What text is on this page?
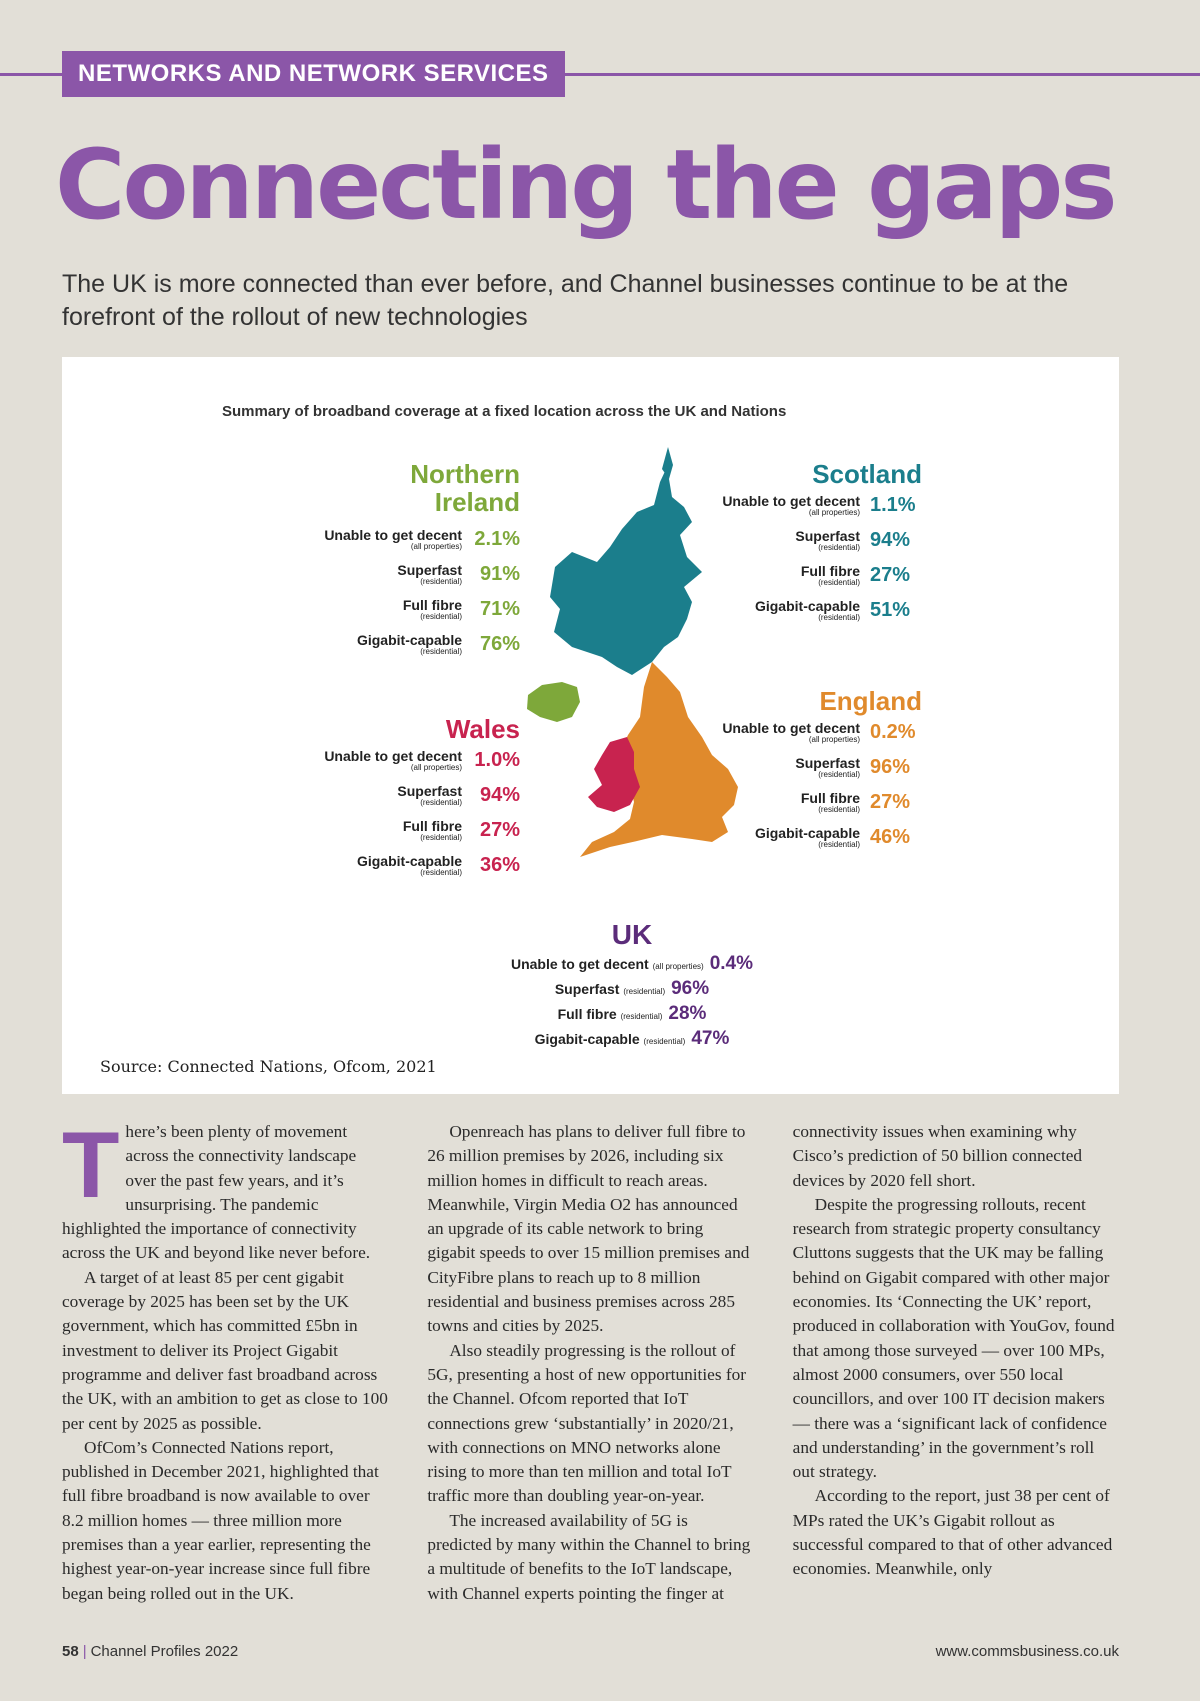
NETWORKS AND NETWORK SERVICES
Connecting the gaps

The UK is more connected than ever before, and Channel businesses continue to be at the forefront of the rollout of new technologies

Summary of broadband coverage at a fixed location across the UK and Nations
Northern
Ireland
Unable to get decent
(all properties) 2.1%
Superfast
(residential) 91%
Full fibre
(residential) 71%
Gigabit-capable
(residential) 76%
Scotland
Unable to get decent
(all properties) 1.1%
Superfast
(residential) 94%
Full fibre
(residential) 27%
Gigabit-capable
(residential) 51%
Wales
Unable to get decent
(all properties) 1.0%
Superfast
(residential) 94%
Full fibre
(residential) 27%
Gigabit-capable
(residential) 36%
England
Unable to get decent
(all properties) 0.2%
Superfast
(residential) 96%
Full fibre
(residential) 27%
Gigabit-capable
(residential) 46%
UK
Unable to get decent (all properties) 0.4%
Superfast (residential) 96%
Full fibre (residential) 28%
Gigabit-capable (residential) 47%
Source: Connected Nations, Ofcom, 2021

There’s been plenty of movement across the connectivity landscape over the past few years, and it’s unsurprising. The pandemic highlighted the importance of connectivity across the UK and beyond like never before.

A target of at least 85 per cent gigabit coverage by 2025 has been set by the UK government, which has committed £5bn in investment to deliver its Project Gigabit programme and deliver fast broadband across the UK, with an ambition to get as close to 100 per cent by 2025 as possible.

OfCom’s Connected Nations report, published in December 2021, highlighted that full fibre broadband is now available to over 8.2 million homes — three million more premises than a year earlier, representing the highest year-on-year increase since full fibre began being rolled out in the UK.

Openreach has plans to deliver full fibre to 26 million premises by 2026, including six million homes in difficult to reach areas. Meanwhile, Virgin Media O2 has announced an upgrade of its cable network to bring gigabit speeds to over 15 million premises and CityFibre plans to reach up to 8 million residential and business premises across 285 towns and cities by 2025.

Also steadily progressing is the rollout of 5G, presenting a host of new opportunities for the Channel. Ofcom reported that IoT connections grew ‘substantially’ in 2020/21, with connections on MNO networks alone rising to more than ten million and total IoT traffic more than doubling year-on-year.

The increased availability of 5G is predicted by many within the Channel to bring a multitude of benefits to the IoT landscape, with Channel experts pointing the finger at connectivity issues when examining why Cisco’s prediction of 50 billion connected devices by 2020 fell short.

Despite the progressing rollouts, recent research from strategic property consultancy Cluttons suggests that the UK may be falling behind on Gigabit compared with other major economies. Its ‘Connecting the UK’ report, produced in collaboration with YouGov, found that among those surveyed — over 100 MPs, almost 2000 consumers, over 550 local councillors, and over 100 IT decision makers — there was a ‘significant lack of confidence and understanding’ in the government’s roll out strategy.

According to the report, just 38 per cent of MPs rated the UK’s Gigabit rollout as successful compared to that of other advanced economies. Meanwhile, only

58 | Channel Profiles 2022	www.commsbusiness.co.uk
